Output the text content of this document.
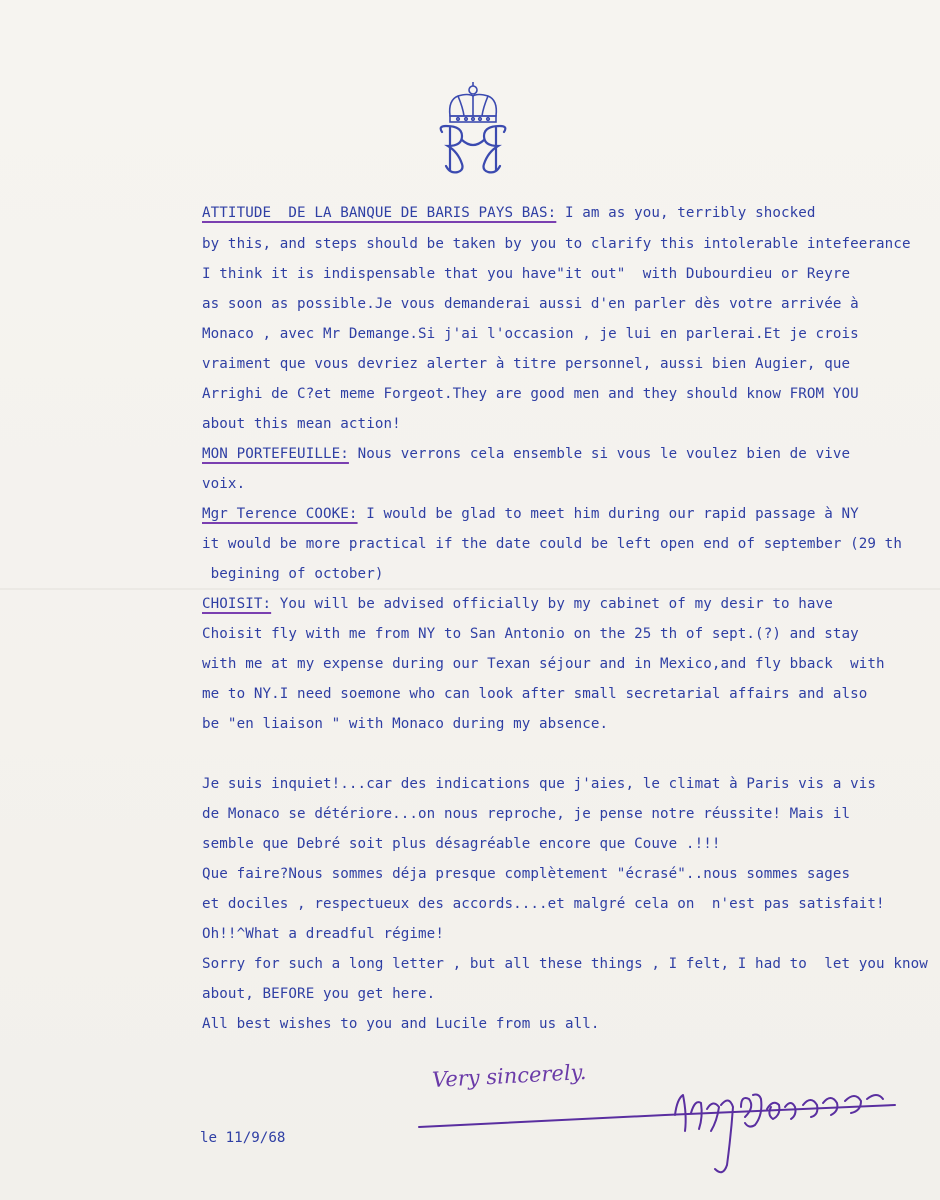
ATTITUDE  DE LA BANQUE DE BARIS PAYS BAS: I am as you, terribly shocked
by this, and steps should be taken by you to clarify this intolerable intefeerance
I think it is indispensable that you have"it out"  with Dubourdieu or Reyre
as soon as possible.Je vous demanderai aussi d'en parler dès votre arrivée à
Monaco , avec Mr Demange.Si j'ai l'occasion , je lui en parlerai.Et je crois
vraiment que vous devriez alerter à titre personnel, aussi bien Augier, que
Arrighi de C?et meme Forgeot.They are good men and they should know FROM YOU
about this mean action!
MON PORTEFEUILLE: Nous verrons cela ensemble si vous le voulez bien de vive
voix.
Mgr Terence COOKE: I would be glad to meet him during our rapid passage à NY
it would be more practical if the date could be left open end of september (29 th
begining of october)
CHOISIT: You will be advised officially by my cabinet of my desir to have
Choisit fly with me from NY to San Antonio on the 25 th of sept.(?) and stay
with me at my expense during our Texan séjour and in Mexico,and fly bback  with
me to NY.I need soemone who can look after small secretarial affairs and also
be "en liaison " with Monaco during my absence.
Je suis inquiet!...car des indications que j'aies, le climat à Paris vis a vis
de Monaco se détériore...on nous reproche, je pense notre réussite! Mais il
semble que Debré soit plus désagréable encore que Couve .!!!
Que faire?Nous sommes déja presque complètement "écrasé"..nous sommes sages
et dociles , respectueux des accords....et malgré cela on  n'est pas satisfait!
Oh!!^What a dreadful régime!
Sorry for such a long letter , but all these things , I felt, I had to  let you know
about, BEFORE you get here.
All best wishes to you and Lucile from us all.
Very sincerely.
le 11/9/68
